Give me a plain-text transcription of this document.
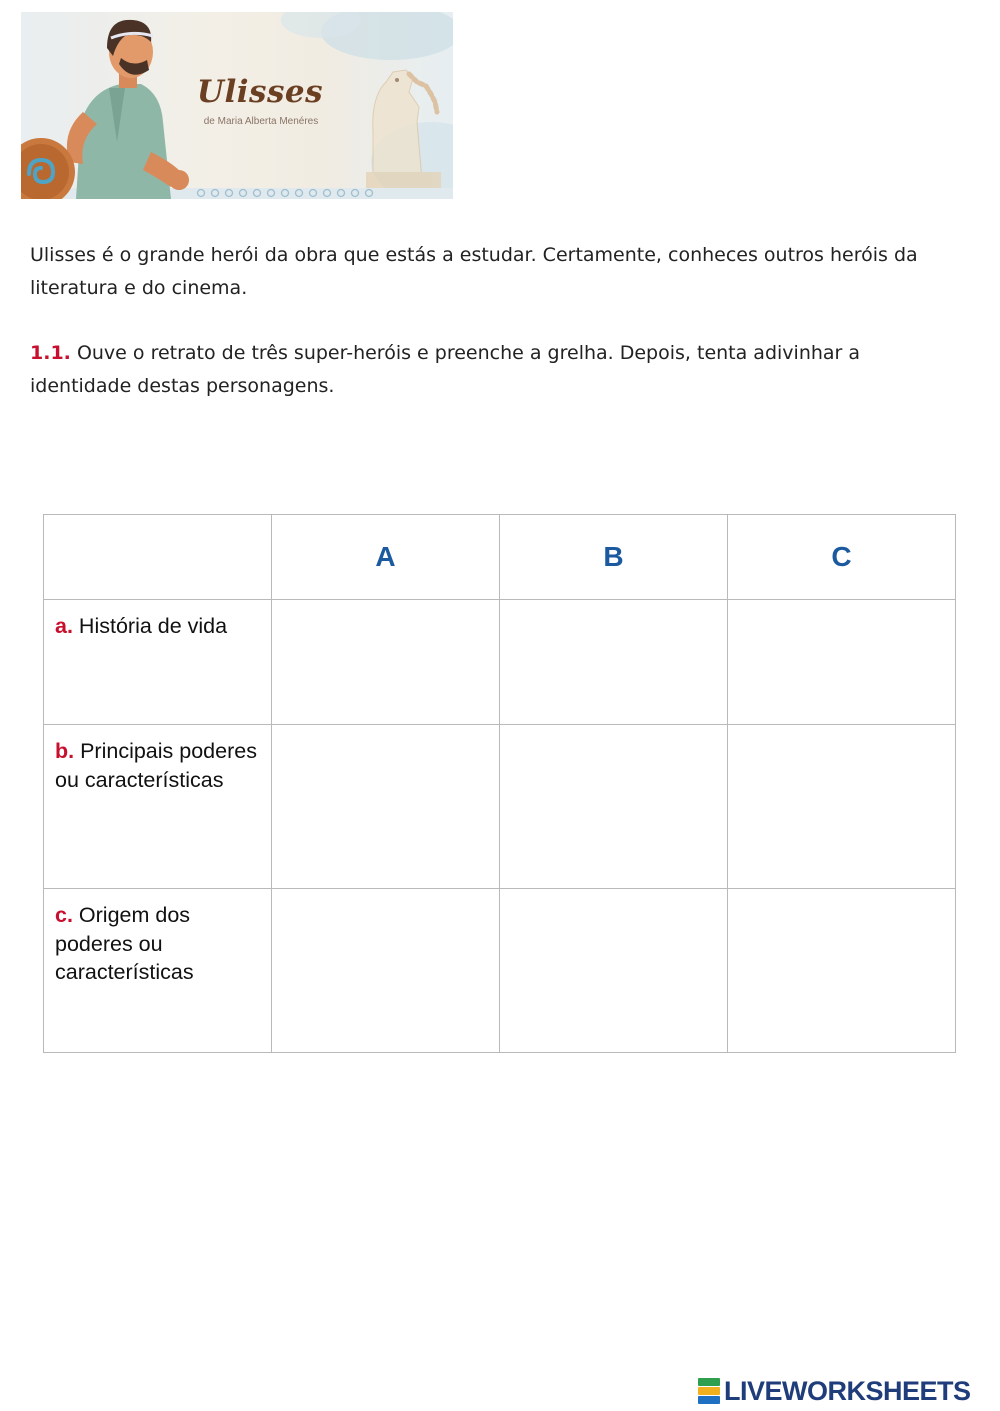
Ulisses
de Maria Alberta Menéres
Ulisses é o grande herói da obra que estás a estudar. Certamente, conheces outros heróis da literatura e do cinema.
1.1. Ouve o retrato de três super-heróis e preenche a grelha. Depois, tenta adivinhar a identidade destas personagens.
	A	B	C
a. História de vida			
b. Principais poderes ou características			
c. Origem dos poderes ou características			
LIVEWORKSHEETS
